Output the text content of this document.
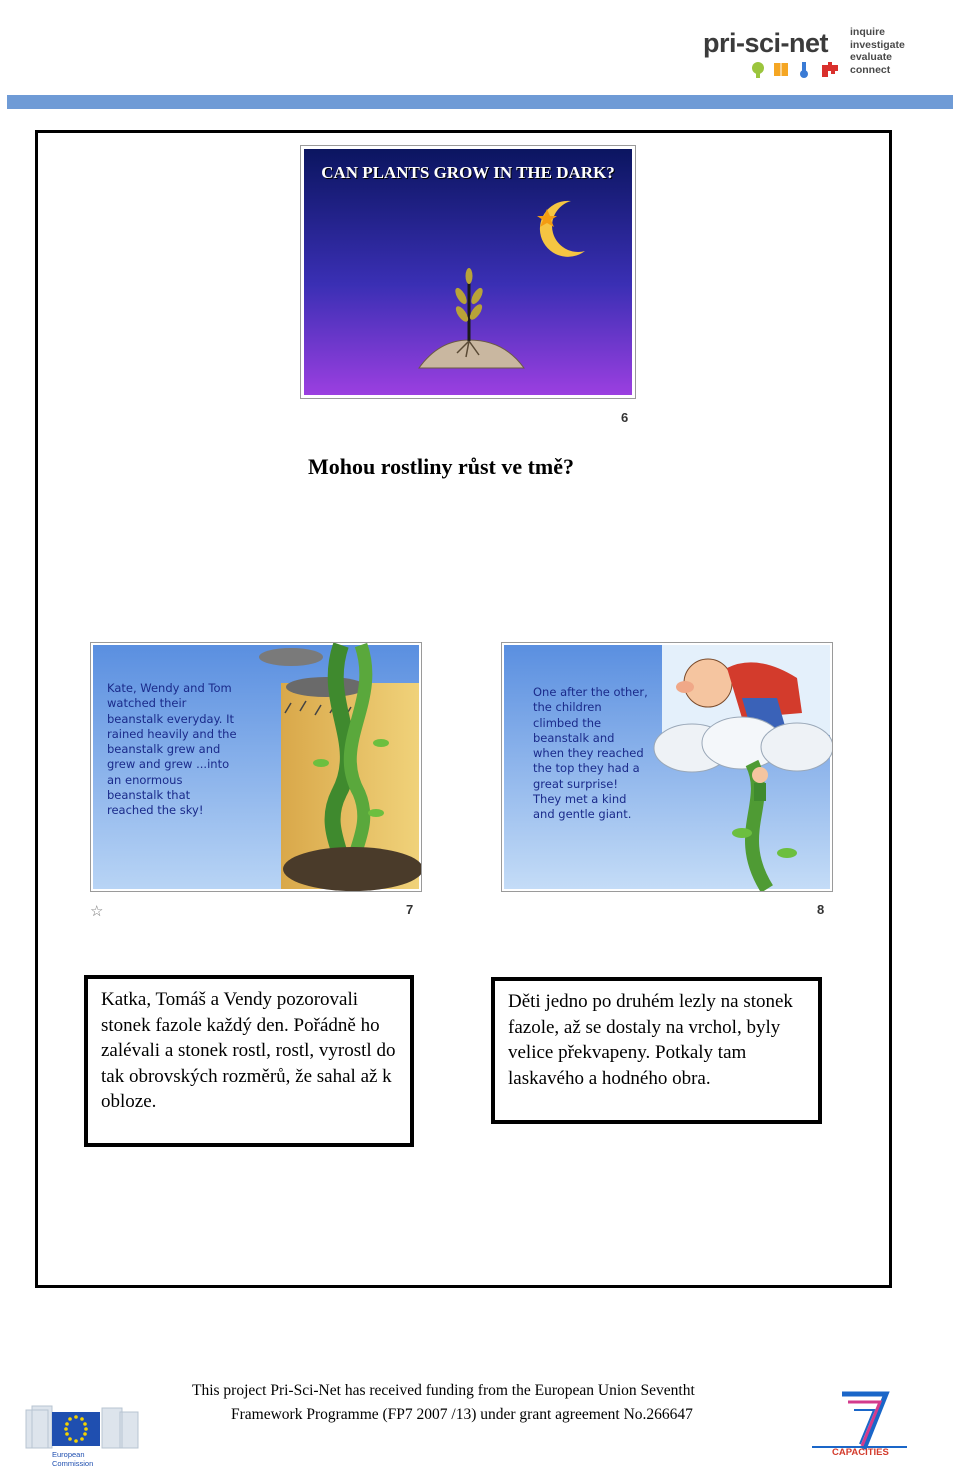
pri-sci-net inquire
investigate
evaluate
connect
CAN PLANTS GROW IN THE DARK?
6
Mohou rostliny růst ve tmě?
Kate, Wendy and Tom watched their beanstalk everyday. It rained heavily and the beanstalk grew and grew and grew ...into an enormous beanstalk that reached the sky!
☆	7
One after the other, the children climbed the beanstalk and when they reached the top they had a great surprise! They met a kind and gentle giant.
8
Katka, Tomáš a Vendy pozorovali stonek fazole každý den. Pořádně ho zalévali a stonek rostl, rostl, vyrostl do tak obrovských rozměrů, že sahal až k obloze.
Děti jedno po druhém lezly na stonek fazole, až se dostaly na vrchol, byly velice překvapeny. Potkaly tam laskavého a hodného obra.
European
Commission
This project Pri-Sci-Net has received funding from the European Union Seventht
Framework Programme (FP7 2007 /13) under grant agreement No.266647
CAPACITIES
